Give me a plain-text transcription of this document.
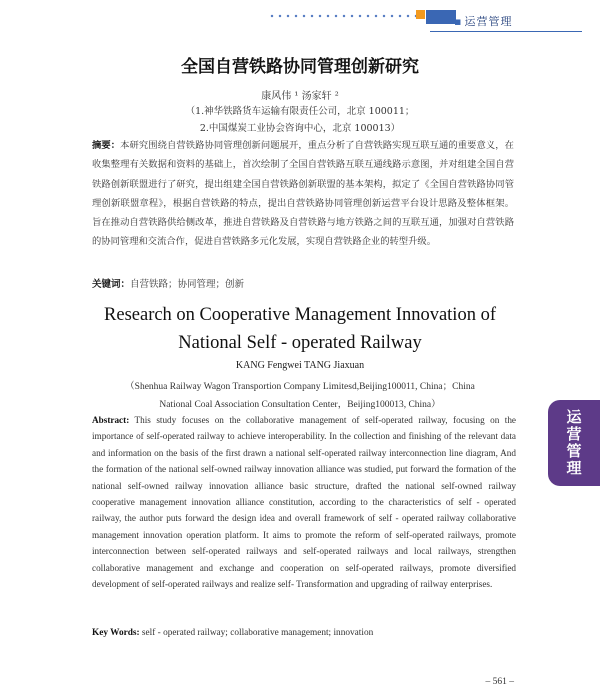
▪ 运营管理
运营管理
全国自营铁路协同管理创新研究
康风伟 ¹ 汤家轩 ²
（1.神华铁路货车运输有限责任公司，北京 100011；
2.中国煤炭工业协会咨询中心，北京 100013）
摘要：本研究围绕自营铁路协同管理创新问题展开，重点分析了自营铁路实现互联互通的重要意义，在收集整理有关数据和资料的基础上，首次绘制了全国自营铁路互联互通线路示意图，并对组建全国自营铁路创新联盟进行了研究，提出组建全国自营铁路创新联盟的基本架构，拟定了《全国自营铁路协同管理创新联盟章程》，根据自营铁路的特点，提出自营铁路协同管理创新运营平台设计思路及整体框架。旨在推动自营铁路供给侧改革，推进自营铁路及自营铁路与地方铁路之间的互联互通，加强对自营铁路的协同管理和交流合作，促进自营铁路多元化发展，实现自营铁路企业的转型升级。
关键词：自营铁路；协同管理；创新
Research on Cooperative Management Innovation of
National Self - operated Railway
KANG Fengwei TANG Jiaxuan
（Shenhua Railway Wagon Transportion Company Limitesd,Beijing100011, China；China
National Coal Association Consultation Center，Beijing100013, China）
Abstract: This study focuses on the collaborative management of self-operated railway, focusing on the importance of self-operated railway to achieve interoperability. In the collection and finishing of the relevant data and information on the basis of the first drawn a national self-operated railway interconnection line diagram, And the formation of the national self-owned railway innovation alliance was studied, put forward the formation of the national self-owned railway innovation alliance basic structure, drafted the national self-owned railway cooperative management innovation alliance constitution, according to the characteristics of self - operated railway, the author puts forward the design idea and overall framework of self - operated railway collaborative management innovation operation platform. It aims to promote the reform of self-operated railways, promote interconnection between self-operated railways and self-operated railways and local railways, strengthen collaborative management and exchange and cooperation on self-operated railways, promote diversified development of self-operated railways and realize self- Transformation and upgrading of railway enterprises.
Key Words: self - operated railway; collaborative management; innovation
– 561 –
